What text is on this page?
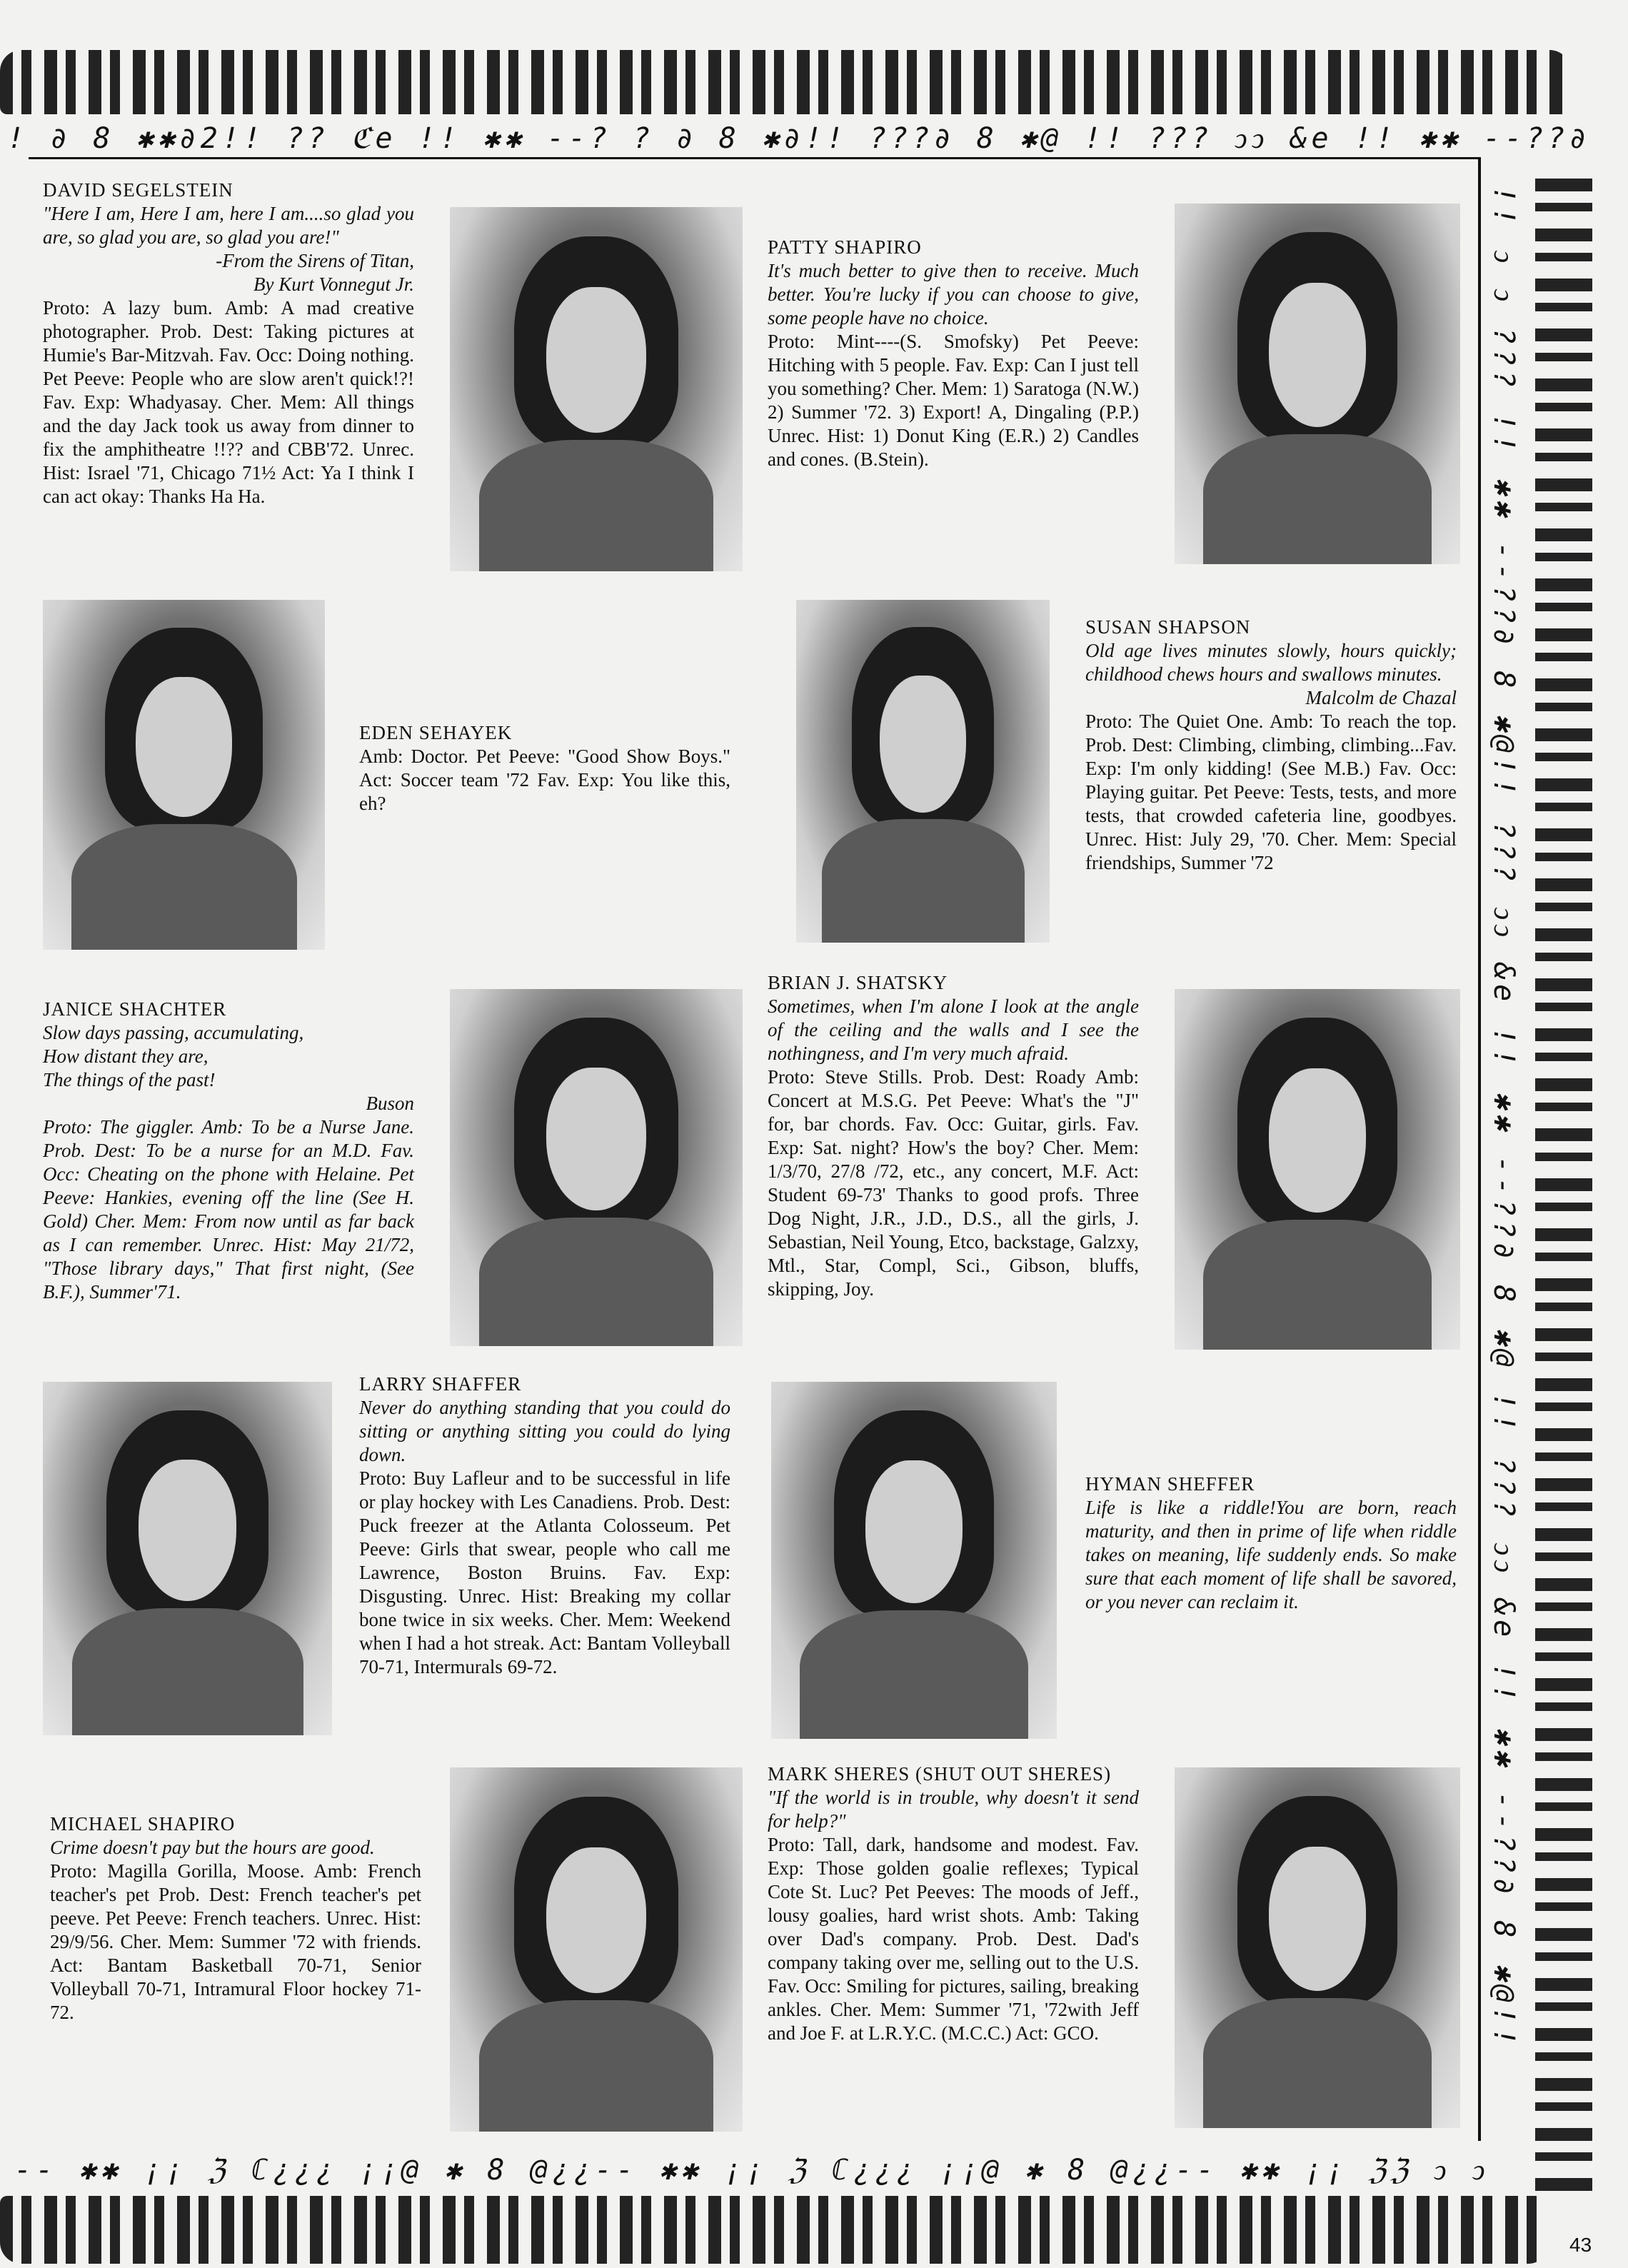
! ∂ 8 ✱✱∂2!! ?? ℭe !! ✱✱ --? ? ∂ 8 ✱∂!! ???∂ 8 ✱@ !! ??? ↄↄ &e !! ✱✱ --??∂
!! ↄ ↄ ??? !! ✱✱ --??∂ 8 ✱@!! ??? ↄↄ &e !! ✱✱ --??∂ 8 ✱@ !! ??? ↄↄ &e !! ✱✱ --??∂ 8 ✱@!!
-- ✱✱ ¡¡ ℨ ℂ¿¿¿ ¡¡@ ✱ 8 @¿¿-- ✱✱ ¡¡ ℨ ℂ¿¿¿ ¡¡@ ✱ 8 @¿¿-- ✱✱ ¡¡ ℨℨ ↄ ↄ
DAVID SEGELSTEIN
"Here I am, Here I am, here I am....so glad you are, so glad you are, so glad you are!"
-From the Sirens of Titan,
By Kurt Vonnegut Jr.
Proto: A lazy bum. Amb: A mad creative photographer. Prob. Dest: Taking pictures at Humie's Bar-Mitzvah. Fav. Occ: Doing nothing. Pet Peeve: People who are slow aren't quick!?! Fav. Exp: Whadyasay. Cher. Mem: All things and the day Jack took us away from dinner to fix the amphitheatre !!?? and CBB'72. Unrec. Hist: Israel '71, Chicago 71½ Act: Ya I think I can act okay: Thanks Ha Ha.
PATTY SHAPIRO
It's much better to give then to receive. Much better. You're lucky if you can choose to give, some people have no choice.
Proto: Mint----(S. Smofsky) Pet Peeve: Hitching with 5 people. Fav. Exp: Can I just tell you something? Cher. Mem: 1) Saratoga (N.W.) 2) Summer '72. 3) Export! A, Dingaling (P.P.) Unrec. Hist: 1) Donut King (E.R.) 2) Candles and cones. (B.Stein).
EDEN SEHAYEK
Amb: Doctor. Pet Peeve: "Good Show Boys." Act: Soccer team '72 Fav. Exp: You like this, eh?
SUSAN SHAPSON
Old age lives minutes slowly, hours quickly; childhood chews hours and swallows minutes.
Malcolm de Chazal
Proto: The Quiet One. Amb: To reach the top. Prob. Dest: Climbing, climbing, climbing...Fav. Exp: I'm only kidding! (See M.B.) Fav. Occ: Playing guitar. Pet Peeve: Tests, tests, and more tests, that crowded cafeteria line, goodbyes. Unrec. Hist: July 29, '70. Cher. Mem: Special friendships, Summer '72
JANICE SHACHTER
Slow days passing, accumulating,
How distant they are,
The things of the past!
Buson
Proto: The giggler. Amb: To be a Nurse Jane. Prob. Dest: To be a nurse for an M.D. Fav. Occ: Cheating on the phone with Helaine. Pet Peeve: Hankies, evening off the line (See H. Gold) Cher. Mem: From now until as far back as I can remember. Unrec. Hist: May 21/72, "Those library days," That first night, (See B.F.), Summer'71.
BRIAN J. SHATSKY
Sometimes, when I'm alone I look at the angle of the ceiling and the walls and I see the nothingness, and I'm very much afraid.
Proto: Steve Stills. Prob. Dest: Roady Amb: Concert at M.S.G. Pet Peeve: What's the "J" for, bar chords. Fav. Occ: Guitar, girls. Fav. Exp: Sat. night? How's the boy? Cher. Mem: 1/3/70, 27/8 /72, etc., any concert, M.F. Act: Student 69-73' Thanks to good profs. Three Dog Night, J.R., J.D., D.S., all the girls, J. Sebastian, Neil Young, Etco, backstage, Galzxy, Mtl., Star, Compl, Sci., Gibson, bluffs, skipping, Joy.
LARRY SHAFFER
Never do anything standing that you could do sitting or anything sitting you could do lying down.
Proto: Buy Lafleur and to be successful in life or play hockey with Les Canadiens. Prob. Dest: Puck freezer at the Atlanta Colosseum. Pet Peeve: Girls that swear, people who call me Lawrence, Boston Bruins. Fav. Exp: Disgusting. Unrec. Hist: Breaking my collar bone twice in six weeks. Cher. Mem: Weekend when I had a hot streak. Act: Bantam Volleyball 70-71, Intermurals 69-72.
HYMAN SHEFFER
Life is like a riddle!You are born, reach maturity, and then in prime of life when riddle takes on meaning, life suddenly ends. So make sure that each moment of life shall be savored, or you never can reclaim it.
MICHAEL SHAPIRO
Crime doesn't pay but the hours are good.
Proto: Magilla Gorilla, Moose. Amb: French teacher's pet Prob. Dest: French teacher's pet peeve. Pet Peeve: French teachers. Unrec. Hist: 29/9/56. Cher. Mem: Summer '72 with friends. Act: Bantam Basketball 70-71, Senior Volleyball 70-71, Intramural Floor hockey 71-72.
MARK SHERES (SHUT OUT SHERES)
"If the world is in trouble, why doesn't it send for help?"
Proto: Tall, dark, handsome and modest. Fav. Exp: Those golden goalie reflexes; Typical Cote St. Luc? Pet Peeves: The moods of Jeff., lousy goalies, hard wrist shots. Amb: Taking over Dad's company. Prob. Dest. Dad's company taking over me, selling out to the U.S. Fav. Occ: Smiling for pictures, sailing, breaking ankles. Cher. Mem: Summer '71, '72with Jeff and Joe F. at L.R.Y.C. (M.C.C.) Act: GCO.
43
